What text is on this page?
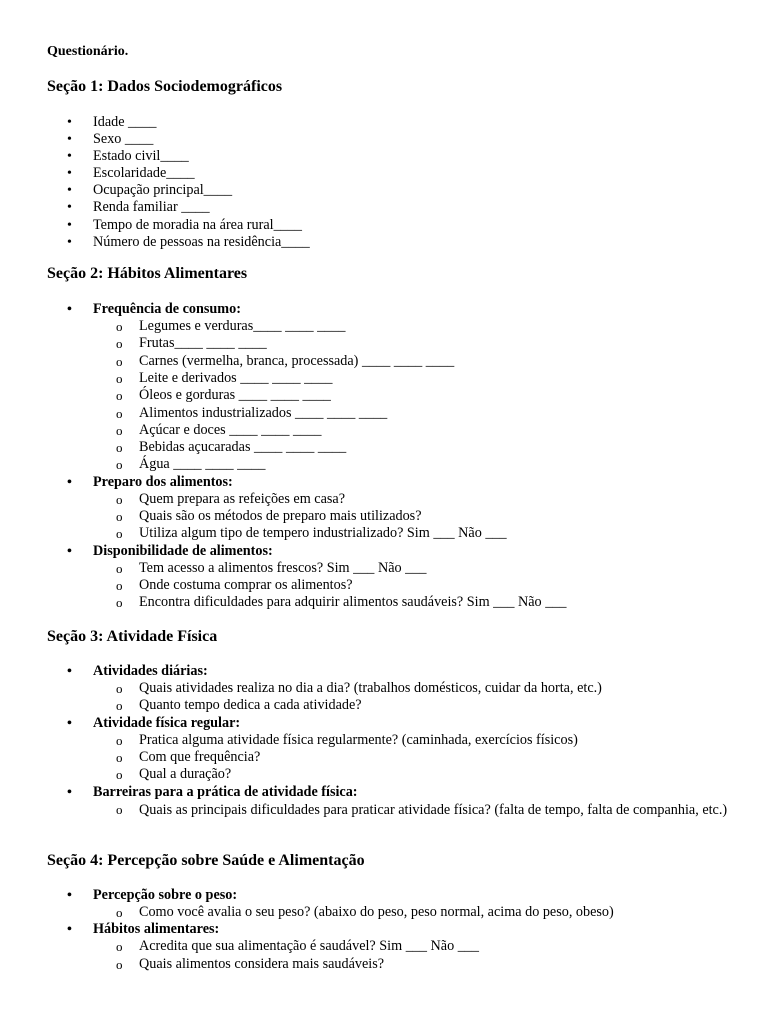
Questionário.
Seção 1: Dados Sociodemográficos
• Idade ____
• Sexo ____
• Estado civil____
• Escolaridade____
• Ocupação principal____
• Renda familiar ____
• Tempo de moradia na área rural____
• Número de pessoas na residência____
Seção 2: Hábitos Alimentares
• Frequência de consumo:
o Legumes e verduras____ ____ ____
o Frutas____ ____ ____
o Carnes (vermelha, branca, processada) ____ ____ ____
o Leite e derivados ____ ____ ____
o Óleos e gorduras ____ ____ ____
o Alimentos industrializados ____ ____ ____
o Açúcar e doces ____ ____ ____
o Bebidas açucaradas ____ ____ ____
o Água ____ ____ ____
• Preparo dos alimentos:
o Quem prepara as refeições em casa?
o Quais são os métodos de preparo mais utilizados?
o Utiliza algum tipo de tempero industrializado? Sim ___ Não ___
• Disponibilidade de alimentos:
o Tem acesso a alimentos frescos? Sim ___ Não ___
o Onde costuma comprar os alimentos?
o Encontra dificuldades para adquirir alimentos saudáveis? Sim ___ Não ___
Seção 3: Atividade Física
• Atividades diárias:
o Quais atividades realiza no dia a dia? (trabalhos domésticos, cuidar da horta, etc.)
o Quanto tempo dedica a cada atividade?
• Atividade física regular:
o Pratica alguma atividade física regularmente? (caminhada, exercícios físicos)
o Com que frequência?
o Qual a duração?
• Barreiras para a prática de atividade física:
o Quais as principais dificuldades para praticar atividade física? (falta de tempo, falta de companhia, etc.)
Seção 4: Percepção sobre Saúde e Alimentação
• Percepção sobre o peso:
o Como você avalia o seu peso? (abaixo do peso, peso normal, acima do peso, obeso)
• Hábitos alimentares:
o Acredita que sua alimentação é saudável? Sim ___ Não ___
o Quais alimentos considera mais saudáveis?
